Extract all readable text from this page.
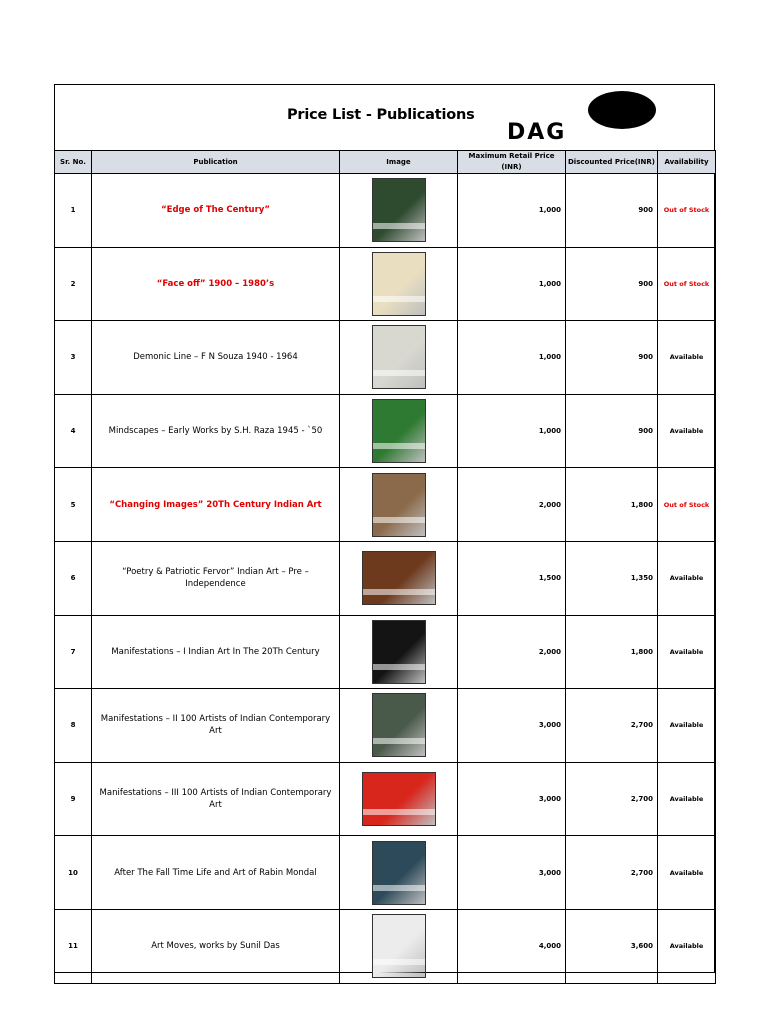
Price List - Publications
DAG
Sr. No.	Publication	Image	Maximum Retail Price (INR)	Discounted Price(INR)	Availability
1	“Edge of The Century”		1,000	900	Out of Stock
2	“Face off” 1900 – 1980’s		1,000	900	Out of Stock
3	Demonic Line – F N Souza 1940 - 1964		1,000	900	Available
4	Mindscapes – Early Works by S.H. Raza 1945 - `50		1,000	900	Available
5	“Changing Images” 20Th Century Indian Art		2,000	1,800	Out of Stock
6	“Poetry & Patriotic Fervor” Indian Art – Pre – Independence		1,500	1,350	Available
7	Manifestations – I Indian Art In The 20Th Century		2,000	1,800	Available
8	Manifestations – II 100 Artists of Indian Contemporary Art		3,000	2,700	Available
9	Manifestations – III 100 Artists of Indian Contemporary Art		3,000	2,700	Available
10	After The Fall Time Life and Art of Rabin Mondal		3,000	2,700	Available
11	Art Moves, works by Sunil Das		4,000	3,600	Available
